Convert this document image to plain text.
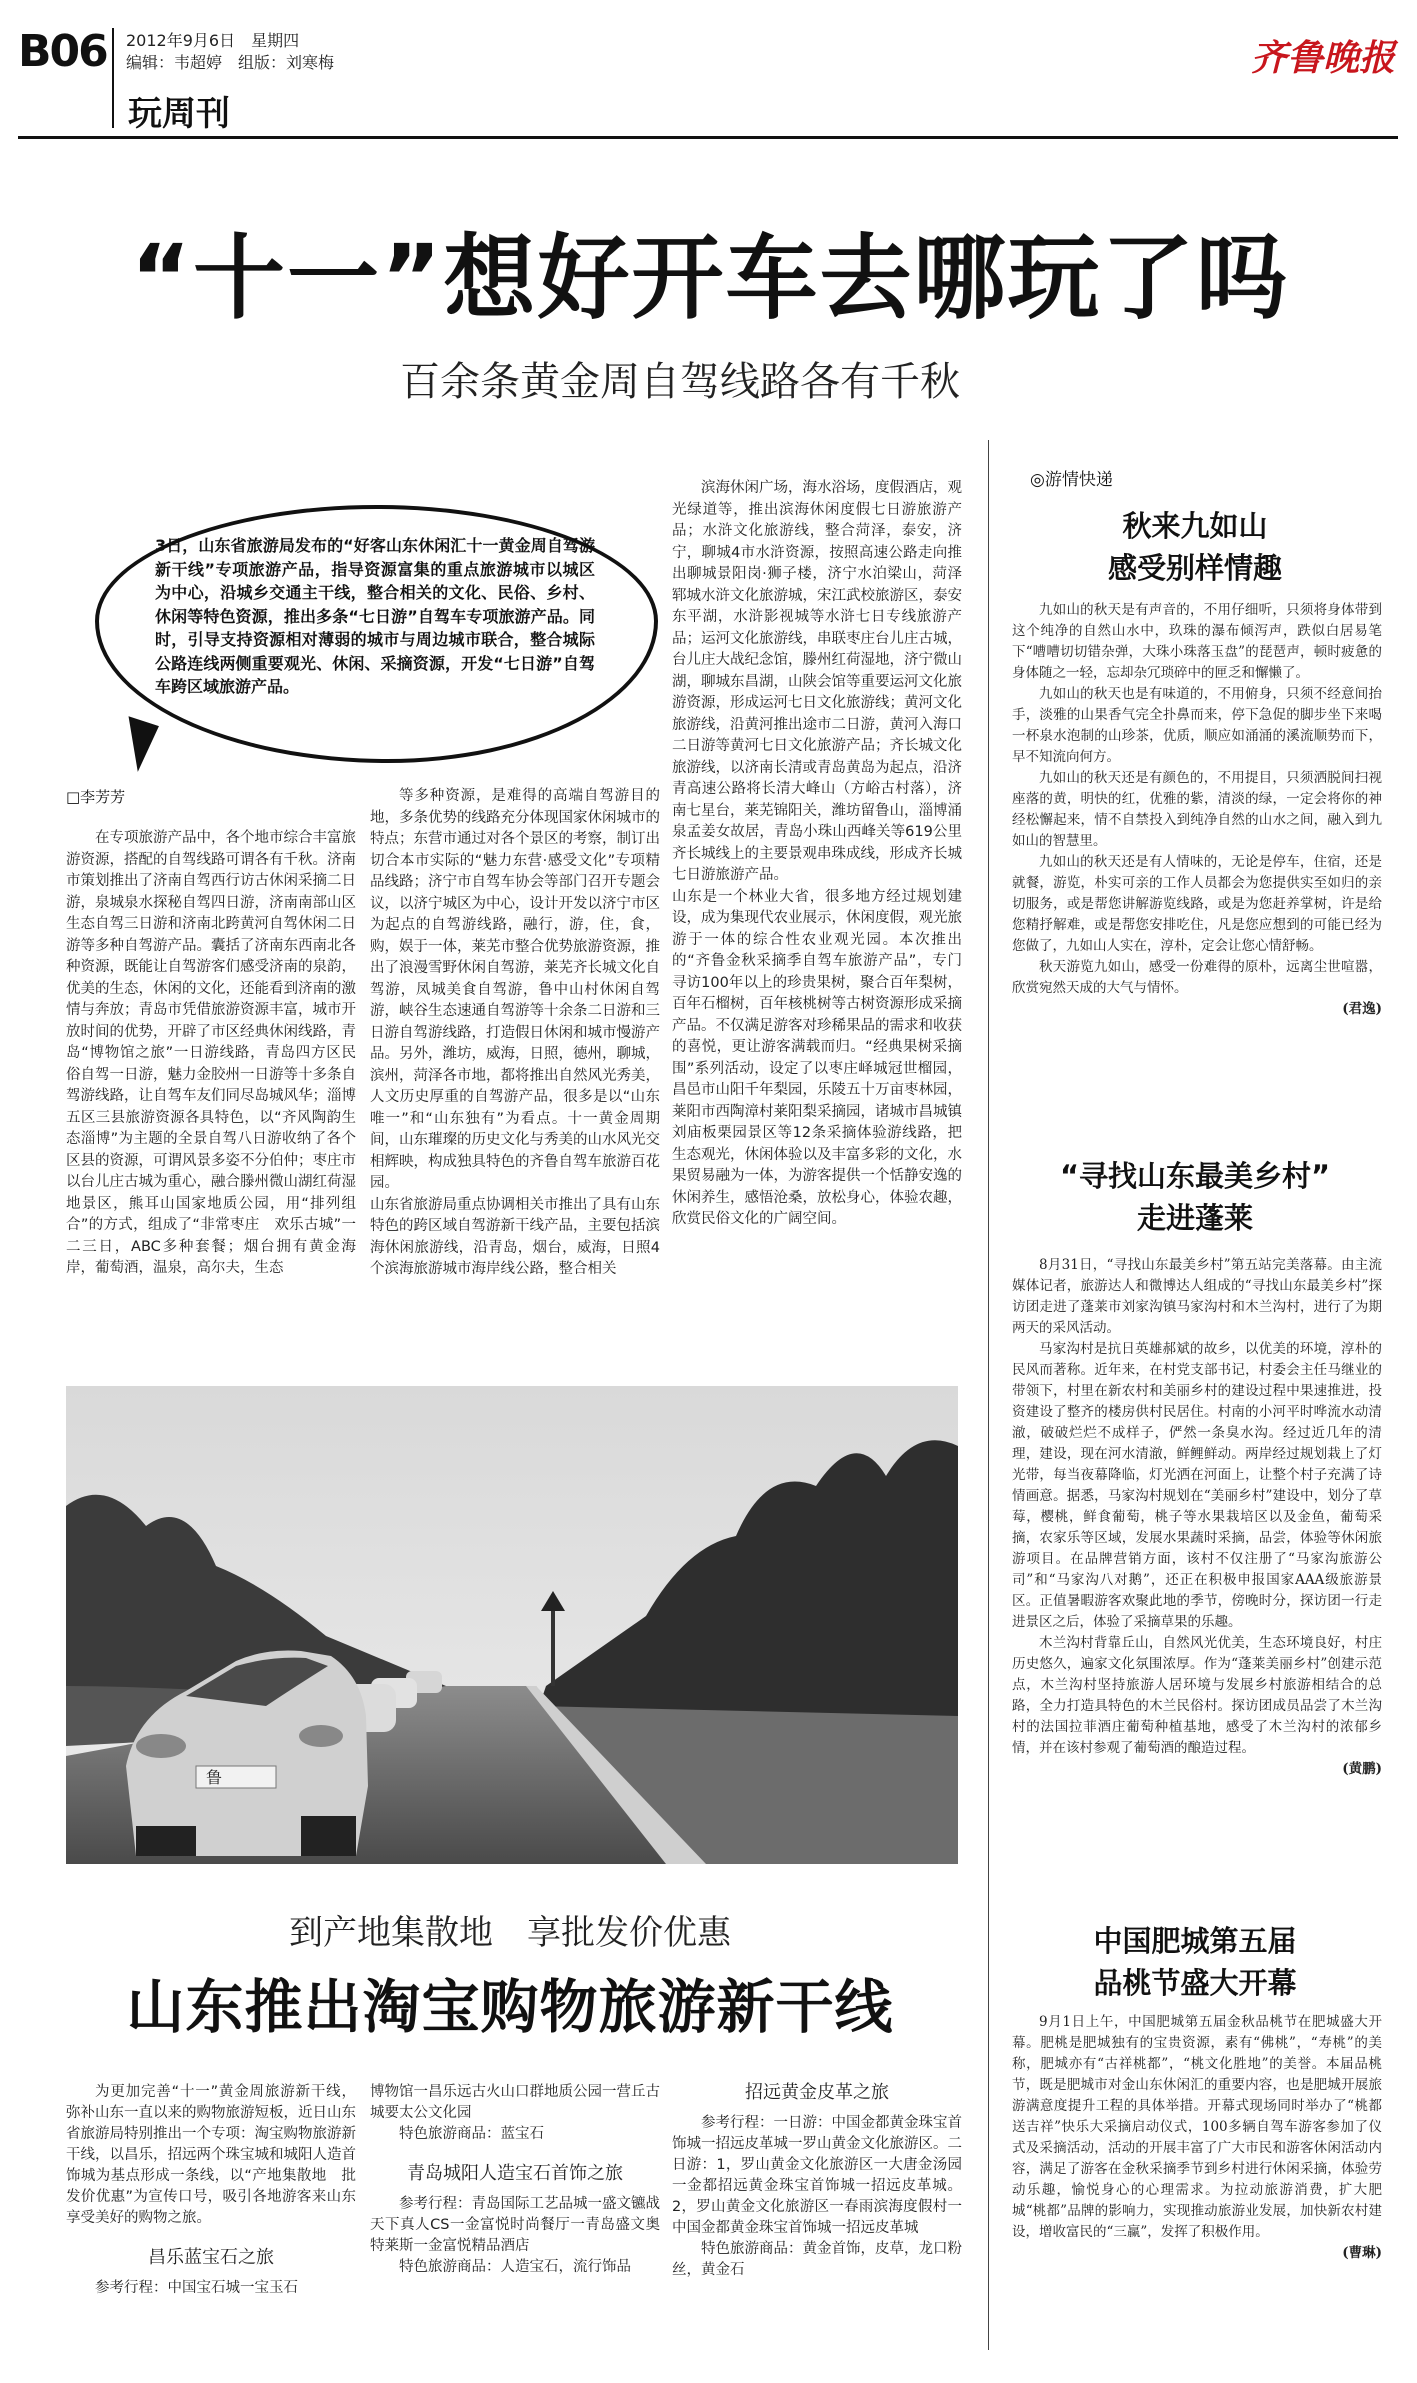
B06 2012年9月6日　星期四
编辑：韦超婷　组版：刘寒梅
玩周刊
齐鲁晚报
“十一”想好开车去哪玩了吗
百余条黄金周自驾线路各有千秋
3日，山东省旅游局发布的“好客山东休闲汇十一黄金周自驾游新干线”专项旅游产品，指导资源富集的重点旅游城市以城区为中心，沿城乡交通主干线，整合相关的文化、民俗、乡村、休闲等特色资源，推出多条“七日游”自驾车专项旅游产品。同时，引导支持资源相对薄弱的城市与周边城市联合，整合城际公路连线两侧重要观光、休闲、采摘资源，开发“七日游”自驾车跨区域旅游产品。
□李芳芳
在专项旅游产品中，各个地市综合丰富旅游资源，搭配的自驾线路可谓各有千秋。济南市策划推出了济南自驾西行访古休闲采摘二日游，泉城泉水探秘自驾四日游，济南南部山区生态自驾三日游和济南北跨黄河自驾休闲二日游等多种自驾游产品。囊括了济南东西南北各种资源，既能让自驾游客们感受济南的泉韵，优美的生态，休闲的文化，还能看到济南的激情与奔放；青岛市凭借旅游资源丰富，城市开放时间的优势，开辟了市区经典休闲线路，青岛“博物馆之旅”一日游线路，青岛四方区民俗自驾一日游，魅力金胶州一日游等十多条自驾游线路，让自驾车友们同尽岛城风华；淄博五区三县旅游资源各具特色，以“齐风陶韵生态淄博”为主题的全景自驾八日游收纳了各个区县的资源，可谓风景多姿不分伯仲；枣庄市以台儿庄古城为重心，融合滕州微山湖红荷湿地景区，熊耳山国家地质公园，用“排列组合”的方式，组成了“非常枣庄　欢乐古城”一二三日，ABC多种套餐；烟台拥有黄金海岸，葡萄酒，温泉，高尔夫，生态
等多种资源，是难得的高端自驾游目的地，多条优势的线路充分体现国家休闲城市的特点；东营市通过对各个景区的考察，制订出切合本市实际的“魅力东营·感受文化”专项精品线路；济宁市自驾车协会等部门召开专题会议，以济宁城区为中心，设计开发以济宁市区为起点的自驾游线路，融行，游，住，食，购，娱于一体，莱芜市整合优势旅游资源，推出了浪漫雪野休闲自驾游，莱芜齐长城文化自驾游，凤城美食自驾游，鲁中山村休闲自驾游，峡谷生态速通自驾游等十余条二日游和三日游自驾游线路，打造假日休闲和城市慢游产品。另外，潍坊，威海，日照，德州，聊城，滨州，菏泽各市地，都将推出自然风光秀美，人文历史厚重的自驾游产品，很多是以“山东唯一”和“山东独有”为看点。十一黄金周期间，山东璀璨的历史文化与秀美的山水风光交相辉映，构成独具特色的齐鲁自驾车旅游百花园。
山东省旅游局重点协调相关市推出了具有山东特色的跨区域自驾游新干线产品，主要包括滨海休闲旅游线，沿青岛，烟台，威海，日照4个滨海旅游城市海岸线公路，整合相关
滨海休闲广场，海水浴场，度假酒店，观光绿道等，推出滨海休闲度假七日游旅游产品；水浒文化旅游线，整合菏泽，泰安，济宁，聊城4市水浒资源，按照高速公路走向推出聊城景阳岗·狮子楼，济宁水泊梁山，菏泽郓城水浒文化旅游城，宋江武校旅游区，泰安东平湖，水浒影视城等水浒七日专线旅游产品；运河文化旅游线，串联枣庄台儿庄古城，台儿庄大战纪念馆，滕州红荷湿地，济宁微山湖，聊城东昌湖，山陕会馆等重要运河文化旅游资源，形成运河七日文化旅游线；黄河文化旅游线，沿黄河推出途市二日游，黄河入海口二日游等黄河七日文化旅游产品；齐长城文化旅游线，以济南长清或青岛黄岛为起点，沿济青高速公路将长清大峰山（方峪古村落），济南七星台，莱芜锦阳关，潍坊留鲁山，淄博涌泉孟姜女故居，青岛小珠山西峰关等619公里齐长城线上的主要景观串珠成线，形成齐长城七日游旅游产品。
山东是一个林业大省，很多地方经过规划建设，成为集现代农业展示，休闲度假，观光旅游于一体的综合性农业观光园。本次推出的“齐鲁金秋采摘季自驾车旅游产品”，专门寻访100年以上的珍贵果树，聚合百年梨树，百年石榴树，百年核桃树等古树资源形成采摘产品。不仅满足游客对珍稀果品的需求和收获的喜悦，更让游客满载而归。“经典果树采摘围”系列活动，设定了以枣庄峄城冠世榴园，昌邑市山阳千年梨园，乐陵五十万亩枣林园，莱阳市西陶漳村莱阳梨采摘园，诸城市昌城镇刘庙板栗园景区等12条采摘体验游线路，把生态观光，休闲体验以及丰富多彩的文化，水果贸易融为一体，为游客提供一个恬静安逸的休闲养生，感悟沧桑，放松身心，体验农趣，欣赏民俗文化的广阔空间。
鲁
◎游情快递
秋来九如山
感受别样情趣

九如山的秋天是有声音的，不用仔细听，只须将身体带到这个纯净的自然山水中，玖珠的瀑布倾泻声，跌似白居易笔下“嘈嘈切切错杂弹，大珠小珠落玉盘”的琵琶声，顿时疲惫的身体随之一轻，忘却杂冗琐碎中的匣乏和懈懒了。

九如山的秋天也是有味道的，不用俯身，只须不经意间抬手，淡雅的山果香气完全扑鼻而来，停下急促的脚步坐下来喝一杯泉水泡制的山珍茶，优质，顺应如涌涌的溪流顺势而下，早不知流向何方。

九如山的秋天还是有颜色的，不用提目，只须洒脱间扫视座落的黄，明快的红，优雅的紫，清淡的绿，一定会将你的神经松懈起来，情不自禁投入到纯净自然的山水之间，融入到九如山的智慧里。

九如山的秋天还是有人情味的，无论是停车，住宿，还是就餐，游览，朴实可亲的工作人员都会为您提供实至如归的亲切服务，或是帮您讲解游览线路，或是为您赶养掌树，许是给您精抒解难，或是帮您安排吃住，凡是您应想到的可能已经为您做了，九如山人实在，淳朴，定会让您心情舒畅。

秋天游览九如山，感受一份难得的原朴，远离尘世喧嚣，欣赏宛然天成的大气与情怀。

(君逸)
“寻找山东最美乡村”
走进蓬莱

8月31日，“寻找山东最美乡村”第五站完美落幕。由主流媒体记者，旅游达人和微博达人组成的“寻找山东最美乡村”探访团走进了蓬莱市刘家沟镇马家沟村和木兰沟村，进行了为期两天的采风活动。

马家沟村是抗日英雄郝斌的故乡，以优美的环境，淳朴的民风而著称。近年来，在村党支部书记，村委会主任马继业的带领下，村里在新农村和美丽乡村的建设过程中果速推进，投资建设了整齐的楼房供村民居住。村南的小河平时哗流水动清澈，破破烂烂不成样子，俨然一条臭水沟。经过近几年的清理，建设，现在河水清澈，鲜鲤鲜动。两岸经过规划栽上了灯光带，每当夜幕降临，灯光洒在河面上，让整个村子充满了诗情画意。据悉，马家沟村规划在“美丽乡村”建设中，划分了草莓，樱桃，鲜食葡萄，桃子等水果栽培区以及金鱼，葡萄采摘，农家乐等区域，发展水果蔬时采摘，品尝，体验等休闲旅游项目。在品牌营销方面，该村不仅注册了“马家沟旅游公司”和“马家沟八对鹅”，还正在积极申报国家AAA级旅游景区。正值暑暇游客欢聚此地的季节，傍晚时分，探访团一行走进景区之后，体验了采摘草果的乐趣。

木兰沟村背靠丘山，自然风光优美，生态环境良好，村庄历史悠久，遍家文化氛围浓厚。作为“蓬莱美丽乡村”创建示范点，木兰沟村坚持旅游人居环境与发展乡村旅游相结合的总路，全力打造具特色的木兰民俗村。探访团成员品尝了木兰沟村的法国拉菲酒庄葡萄种植基地，感受了木兰沟村的浓郁乡情，并在该村参观了葡萄酒的酿造过程。

(黄鹏)
中国肥城第五届
品桃节盛大开幕

9月1日上午，中国肥城第五届金秋品桃节在肥城盛大开幕。肥桃是肥城独有的宝贵资源，素有“佛桃”，“寿桃”的美称，肥城亦有“古祥桃都”，“桃文化胜地”的美誉。本届品桃节，既是肥城市对金山东休闲汇的重要内容，也是肥城开展旅游满意度提升工程的具体举措。开幕式现场同时举办了“桃都送吉祥”快乐大采摘启动仪式，100多辆自驾车游客参加了仪式及采摘活动，活动的开展丰富了广大市民和游客休闲活动内容，满足了游客在金秋采摘季节到乡村进行休闲采摘，体验劳动乐趣，愉悦身心的心理需求。为拉动旅游消费，扩大肥城“桃都”品牌的影响力，实现推动旅游业发展，加快新农村建设，增收富民的“三赢”，发挥了积极作用。

(曹琳)
到产地集散地　享批发价优惠
山东推出淘宝购物旅游新干线

为更加完善“十一”黄金周旅游新干线，弥补山东一直以来的购物旅游短板，近日山东省旅游局特别推出一个专项：淘宝购物旅游新干线，以昌乐，招远两个珠宝城和城阳人造首饰城为基点形成一条线，以“产地集散地　批发价优惠”为宣传口号，吸引各地游客来山东享受美好的购物之旅。

昌乐蓝宝石之旅

参考行程：中国宝石城一宝玉石

博物馆一昌乐远古火山口群地质公园一营丘古城要太公文化园

特色旅游商品：蓝宝石

青岛城阳人造宝石首饰之旅

参考行程：青岛国际工艺品城一盛文镳战天下真人CS一金富悦时尚餐厅一青岛盛文奥特莱斯一金富悦精品酒店

特色旅游商品：人造宝石，流行饰品

招远黄金皮革之旅

参考行程：一日游：中国金都黄金珠宝首饰城一招远皮革城一罗山黄金文化旅游区。二日游：1，罗山黄金文化旅游区一大唐金汤园一金都招远黄金珠宝首饰城一招远皮革城。2，罗山黄金文化旅游区一春雨滨海度假村一中国金都黄金珠宝首饰城一招远皮革城

特色旅游商品：黄金首饰，皮草，龙口粉丝，黄金石
